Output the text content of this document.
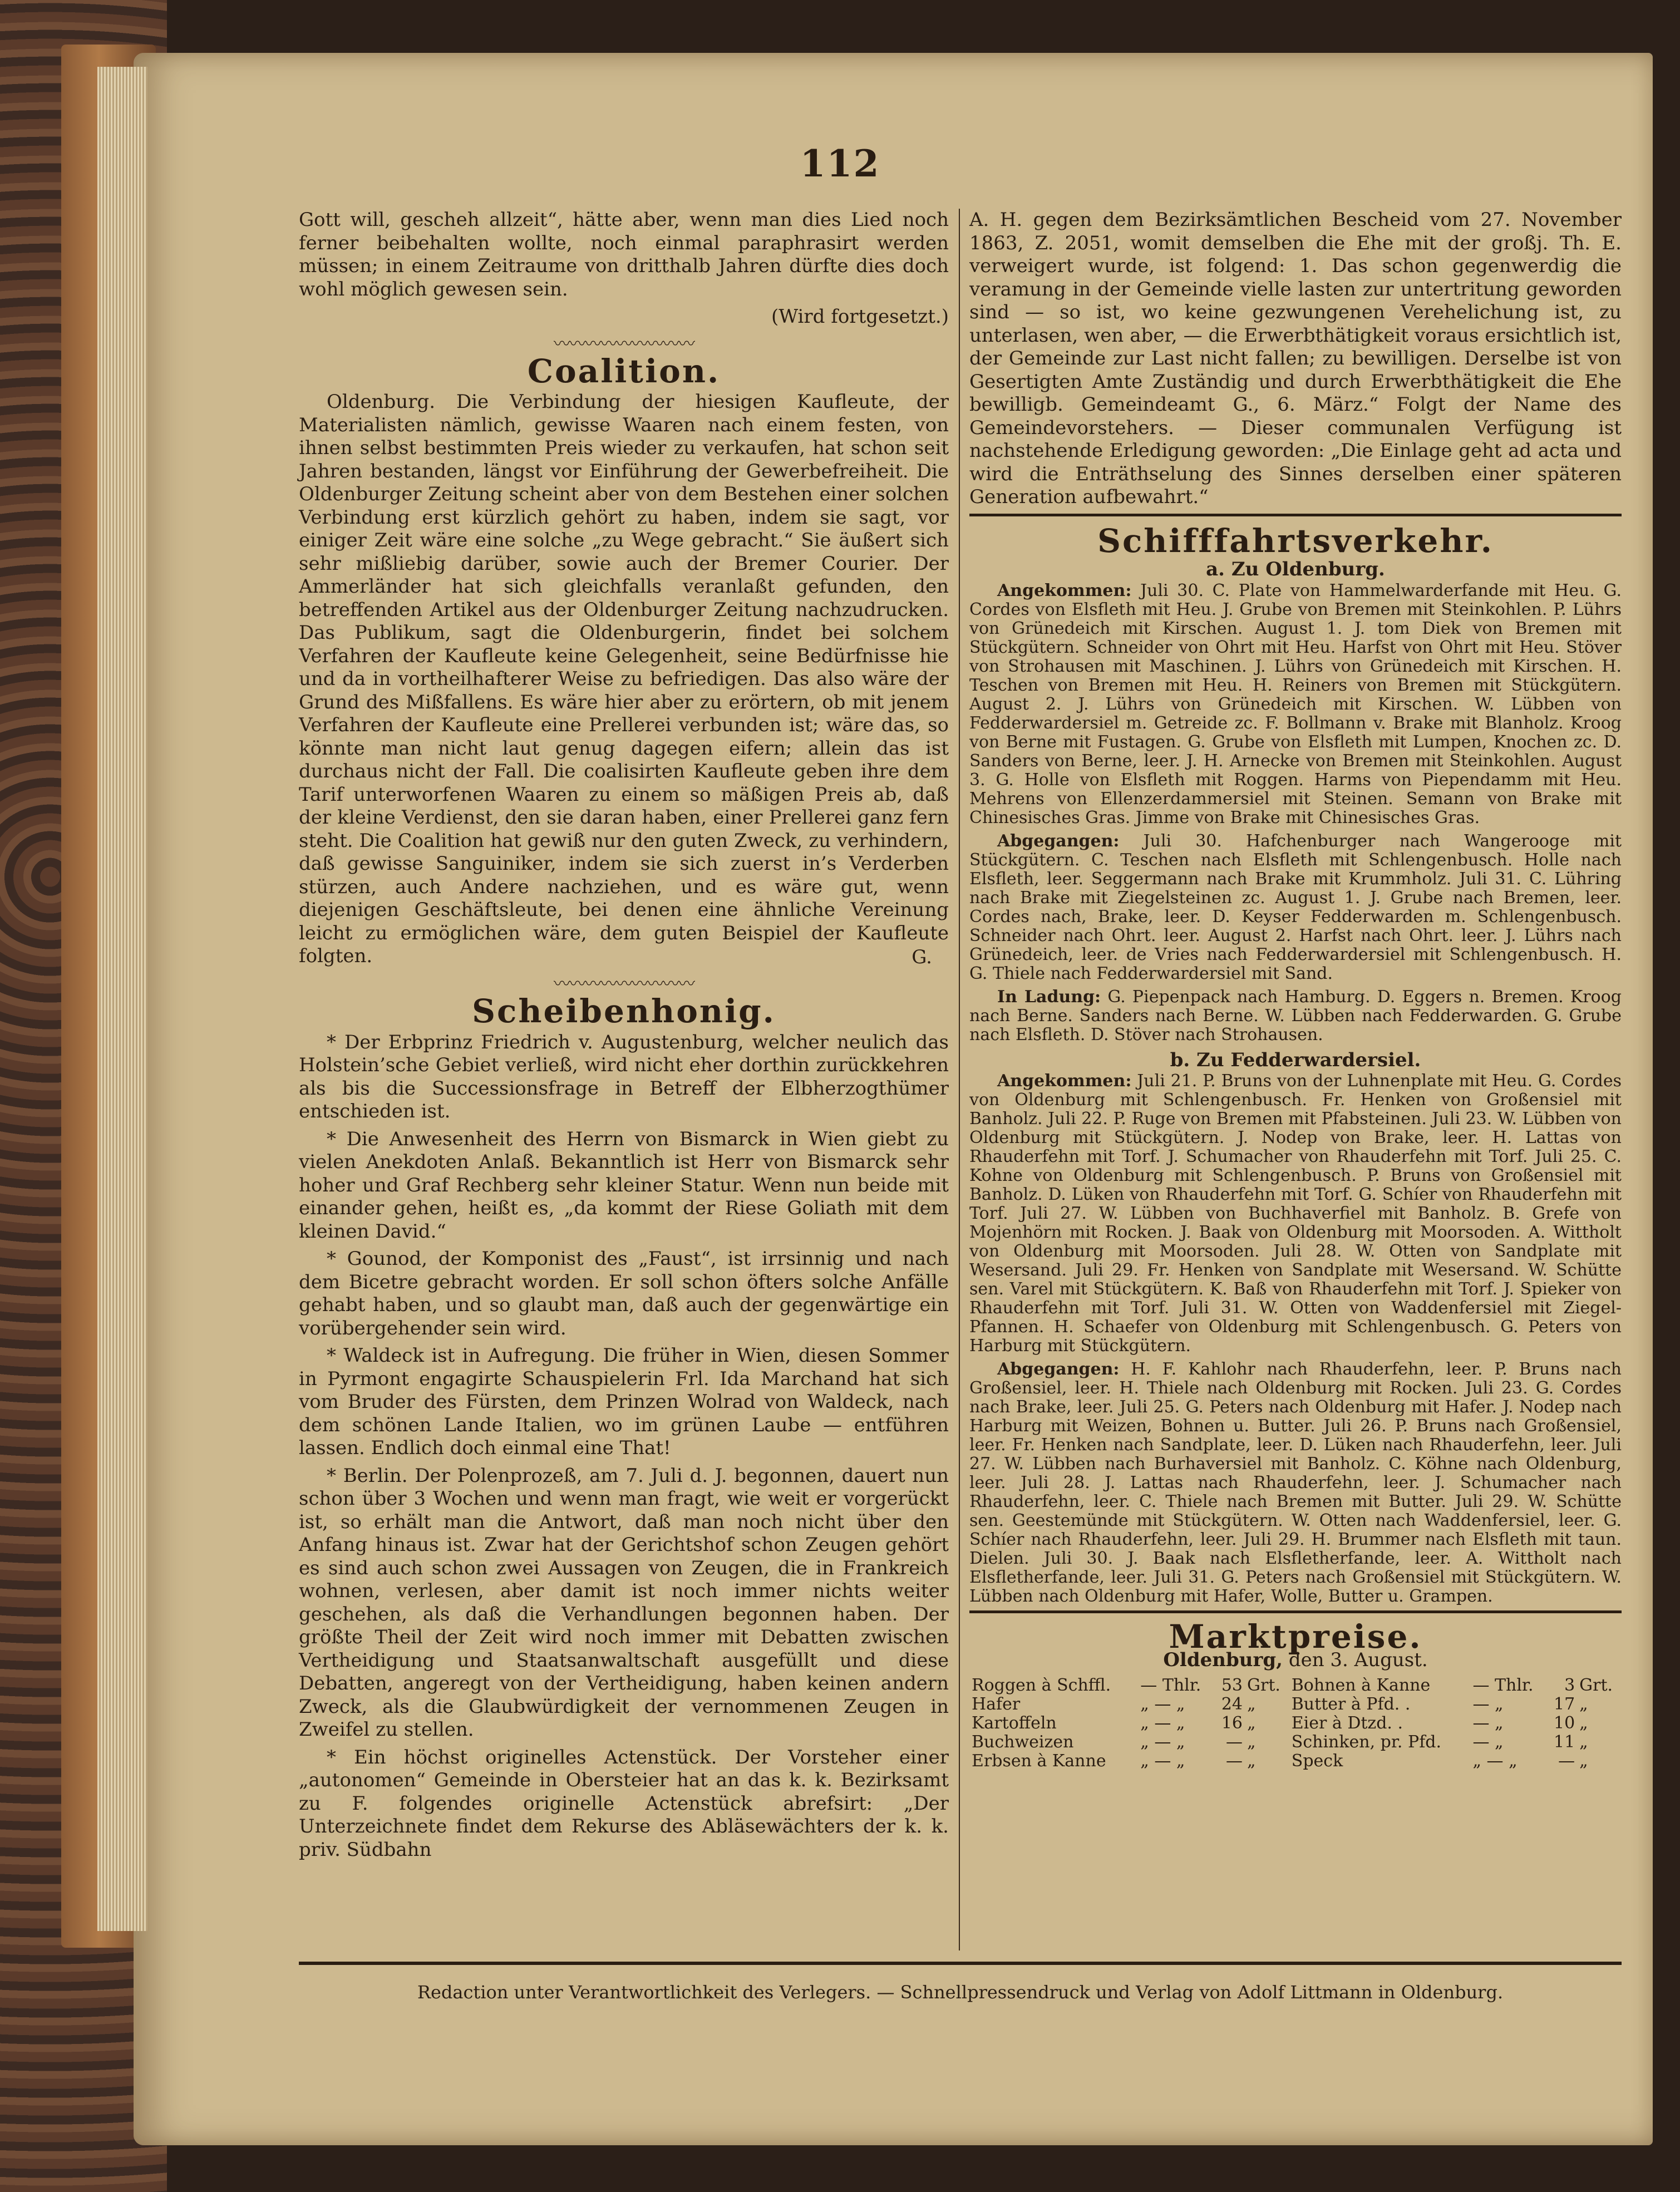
112

Gott will, gescheh allzeit“, hätte aber, wenn man dies Lied noch ferner beibehalten wollte, noch einmal paraphrasirt werden müssen; in einem Zeitraume von dritthalb Jahren dürfte dies doch wohl möglich gewesen sein.

(Wird fortgesetzt.)

〰〰〰〰〰〰〰〰〰
Coalition.

Oldenburg. Die Verbindung der hiesigen Kaufleute, der Materialisten nämlich, gewisse Waaren nach einem festen, von ihnen selbst bestimmten Preis wieder zu verkaufen, hat schon seit Jahren bestanden, längst vor Einführung der Gewerbefreiheit. Die Oldenburger Zeitung scheint aber von dem Bestehen einer solchen Verbindung erst kürzlich gehört zu haben, indem sie sagt, vor einiger Zeit wäre eine solche „zu Wege gebracht.“ Sie äußert sich sehr mißliebig darüber, sowie auch der Bremer Courier. Der Ammerländer hat sich gleichfalls veranlaßt gefunden, den betreffenden Artikel aus der Oldenburger Zeitung nachzudrucken. Das Publikum, sagt die Oldenburgerin, findet bei solchem Verfahren der Kaufleute keine Gelegenheit, seine Bedürfnisse hie und da in vortheilhafterer Weise zu befriedigen. Das also wäre der Grund des Mißfallens. Es wäre hier aber zu erörtern, ob mit jenem Verfahren der Kaufleute eine Prellerei verbunden ist; wäre das, so könnte man nicht laut genug dagegen eifern; allein das ist durchaus nicht der Fall. Die coalisirten Kaufleute geben ihre dem Tarif unterworfenen Waaren zu einem so mäßigen Preis ab, daß der kleine Verdienst, den sie daran haben, einer Prellerei ganz fern steht. Die Coalition hat gewiß nur den guten Zweck, zu verhindern, daß gewisse Sanguiniker, indem sie sich zuerst in’s Verderben stürzen, auch Andere nachziehen, und es wäre gut, wenn diejenigen Geschäftsleute, bei denen eine ähnliche Vereinung leicht zu ermöglichen wäre, dem guten Beispiel der Kaufleute folgten.	G.

〰〰〰〰〰〰〰〰〰
Scheibenhonig.

* Der Erbprinz Friedrich v. Augustenburg, welcher neulich das Holstein’sche Gebiet verließ, wird nicht eher dorthin zurückkehren als bis die Successionsfrage in Betreff der Elbherzogthümer entschieden ist.

* Die Anwesenheit des Herrn von Bismarck in Wien giebt zu vielen Anekdoten Anlaß. Bekanntlich ist Herr von Bismarck sehr hoher und Graf Rechberg sehr kleiner Statur. Wenn nun beide mit einander gehen, heißt es, „da kommt der Riese Goliath mit dem kleinen David.“

* Gounod, der Komponist des „Faust“, ist irrsinnig und nach dem Bicetre gebracht worden. Er soll schon öfters solche Anfälle gehabt haben, und so glaubt man, daß auch der gegenwärtige ein vorübergehender sein wird.

* Waldeck ist in Aufregung. Die früher in Wien, diesen Sommer in Pyrmont engagirte Schauspielerin Frl. Ida Marchand hat sich vom Bruder des Fürsten, dem Prinzen Wolrad von Waldeck, nach dem schönen Lande Italien, wo im grünen Laube — entführen lassen. Endlich doch einmal eine That!

* Berlin. Der Polenprozeß, am 7. Juli d. J. begonnen, dauert nun schon über 3 Wochen und wenn man fragt, wie weit er vorgerückt ist, so erhält man die Antwort, daß man noch nicht über den Anfang hinaus ist. Zwar hat der Gerichtshof schon Zeugen gehört es sind auch schon zwei Aussagen von Zeugen, die in Frankreich wohnen, verlesen, aber damit ist noch immer nichts weiter geschehen, als daß die Verhandlungen begonnen haben. Der größte Theil der Zeit wird noch immer mit Debatten zwischen Vertheidigung und Staatsanwaltschaft ausgefüllt und diese Debatten, angeregt von der Vertheidigung, haben keinen andern Zweck, als die Glaubwürdigkeit der vernommenen Zeugen in Zweifel zu stellen.

* Ein höchst originelles Actenstück. Der Vorsteher einer „autonomen“ Gemeinde in Obersteier hat an das k. k. Bezirksamt zu F. folgendes originelle Actenstück abrefsirt: „Der Unterzeichnete findet dem Rekurse des Abläsewächters der k. k. priv. Südbahn

A. H. gegen dem Bezirksämtlichen Bescheid vom 27. November 1863, Z. 2051, womit demselben die Ehe mit der großj. Th. E. verweigert wurde, ist folgend: 1. Das schon gegenwerdig die veramung in der Gemeinde vielle lasten zur untertritung geworden sind — so ist, wo keine gezwungenen Verehelichung ist, zu unterlasen, wen aber, — die Erwerbthätigkeit voraus ersichtlich ist, der Gemeinde zur Last nicht fallen; zu bewilligen. Derselbe ist von Gesertigten Amte Zuständig und durch Erwerbthätigkeit die Ehe bewilligb. Gemeindeamt G., 6. März.“ Folgt der Name des Gemeindevorstehers. — Dieser communalen Verfügung ist nachstehende Erledigung geworden: „Die Einlage geht ad acta und wird die Enträthselung des Sinnes derselben einer späteren Generation aufbewahrt.“

Schifffahrtsverkehr.
a. Zu Oldenburg.

Angekommen: Juli 30. C. Plate von Hammelwarderfande mit Heu. G. Cordes von Elsfleth mit Heu. J. Grube von Bremen mit Steinkohlen. P. Lührs von Grünedeich mit Kirschen. August 1. J. tom Diek von Bremen mit Stückgütern. Schneider von Ohrt mit Heu. Harfst von Ohrt mit Heu. Stöver von Strohausen mit Maschinen. J. Lührs von Grünedeich mit Kirschen. H. Teschen von Bremen mit Heu. H. Reiners von Bremen mit Stückgütern. August 2. J. Lührs von Grünedeich mit Kirschen. W. Lübben von Fedderwardersiel m. Getreide zc. F. Bollmann v. Brake mit Blanholz. Kroog von Berne mit Fustagen. G. Grube von Elsfleth mit Lumpen, Knochen zc. D. Sanders von Berne, leer. J. H. Arnecke von Bremen mit Steinkohlen. August 3. G. Holle von Elsfleth mit Roggen. Harms von Piependamm mit Heu. Mehrens von Ellenzerdammersiel mit Steinen. Semann von Brake mit Chinesisches Gras. Jimme von Brake mit Chinesisches Gras.

Abgegangen: Juli 30. Hafchenburger nach Wangerooge mit Stückgütern. C. Teschen nach Elsfleth mit Schlengenbusch. Holle nach Elsfleth, leer. Seggermann nach Brake mit Krummholz. Juli 31. C. Lühring nach Brake mit Ziegelsteinen zc. August 1. J. Grube nach Bremen, leer. Cordes nach, Brake, leer. D. Keyser Fedderwarden m. Schlengenbusch. Schneider nach Ohrt. leer. August 2. Harfst nach Ohrt. leer. J. Lührs nach Grünedeich, leer. de Vries nach Fedderwardersiel mit Schlengenbusch. H. G. Thiele nach Fedderwardersiel mit Sand.

In Ladung: G. Piepenpack nach Hamburg. D. Eggers n. Bremen. Kroog nach Berne. Sanders nach Berne. W. Lübben nach Fedderwarden. G. Grube nach Elsfleth. D. Stöver nach Strohausen.

b. Zu Fedderwardersiel.

Angekommen: Juli 21. P. Bruns von der Luhnenplate mit Heu. G. Cordes von Oldenburg mit Schlengenbusch. Fr. Henken von Großensiel mit Banholz. Juli 22. P. Ruge von Bremen mit Pfabsteinen. Juli 23. W. Lübben von Oldenburg mit Stückgütern. J. Nodep von Brake, leer. H. Lattas von Rhauderfehn mit Torf. J. Schumacher von Rhauderfehn mit Torf. Juli 25. C. Kohne von Oldenburg mit Schlengenbusch. P. Bruns von Großensiel mit Banholz. D. Lüken von Rhauderfehn mit Torf. G. Schíer von Rhauderfehn mit Torf. Juli 27. W. Lübben von Buchhaverfiel mit Banholz. B. Grefe von Mojenhörn mit Rocken. J. Baak von Oldenburg mit Moorsoden. A. Wittholt von Oldenburg mit Moorsoden. Juli 28. W. Otten von Sandplate mit Wesersand. Juli 29. Fr. Henken von Sandplate mit Wesersand. W. Schütte sen. Varel mit Stückgütern. K. Baß von Rhauderfehn mit Torf. J. Spieker von Rhauderfehn mit Torf. Juli 31. W. Otten von Waddenfersiel mit Ziegel-Pfannen. H. Schaefer von Oldenburg mit Schlengenbusch. G. Peters von Harburg mit Stückgütern.

Abgegangen: H. F. Kahlohr nach Rhauderfehn, leer. P. Bruns nach Großensiel, leer. H. Thiele nach Oldenburg mit Rocken. Juli 23. G. Cordes nach Brake, leer. Juli 25. G. Peters nach Oldenburg mit Hafer. J. Nodep nach Harburg mit Weizen, Bohnen u. Butter. Juli 26. P. Bruns nach Großensiel, leer. Fr. Henken nach Sandplate, leer. D. Lüken nach Rhauderfehn, leer. Juli 27. W. Lübben nach Burhaversiel mit Banholz. C. Köhne nach Oldenburg, leer. Juli 28. J. Lattas nach Rhauderfehn, leer. J. Schumacher nach Rhauderfehn, leer. C. Thiele nach Bremen mit Butter. Juli 29. W. Schütte sen. Geestemünde mit Stückgütern. W. Otten nach Waddenfersiel, leer. G. Schíer nach Rhauderfehn, leer. Juli 29. H. Brummer nach Elsfleth mit taun. Dielen. Juli 30. J. Baak nach Elsfletherfande, leer. A. Wittholt nach Elsfletherfande, leer. Juli 31. G. Peters nach Großensiel mit Stückgütern. W. Lübben nach Oldenburg mit Hafer, Wolle, Butter u. Grampen.

Marktpreise.

Oldenburg, den 3. August.

Roggen à Schffl.	— Thlr.	53	Grt.	Bohnen à Kanne	— Thlr.	3	Grt.
Hafer	„ — „	24	„	Butter à Pfd. .	— „	17	„
Kartoffeln	„ — „	16	„	Eier à Dtzd. .	— „	10	„
Buchweizen	„ — „	—	„	Schinken, pr. Pfd.	— „	11	„
Erbsen à Kanne	„ — „	—	„	Speck	„ — „	—	„
Redaction unter Verantwortlichkeit des Verlegers. — Schnellpressendruck und Verlag von Adolf Littmann in Oldenburg.
